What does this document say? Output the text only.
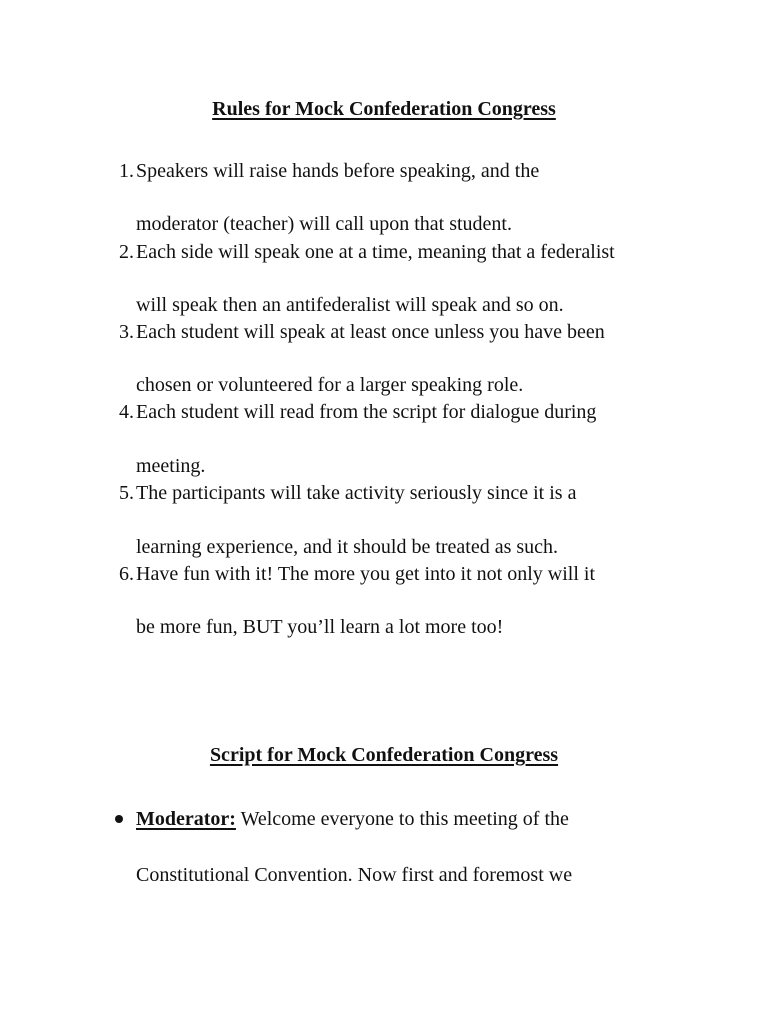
Rules for Mock Confederation Congress
1. Speakers will raise hands before speaking, and the
moderator (teacher) will call upon that student.
2. Each side will speak one at a time, meaning that a federalist
will speak then an antifederalist will speak and so on.
3. Each student will speak at least once unless you have been
chosen or volunteered for a larger speaking role.
4. Each student will read from the script for dialogue during
meeting.
5. The participants will take activity seriously since it is a
learning experience, and it should be treated as such.
6. Have fun with it! The more you get into it not only will it
be more fun, BUT you’ll learn a lot more too!
Script for Mock Confederation Congress
Moderator: Welcome everyone to this meeting of the
Constitutional Convention. Now first and foremost we
